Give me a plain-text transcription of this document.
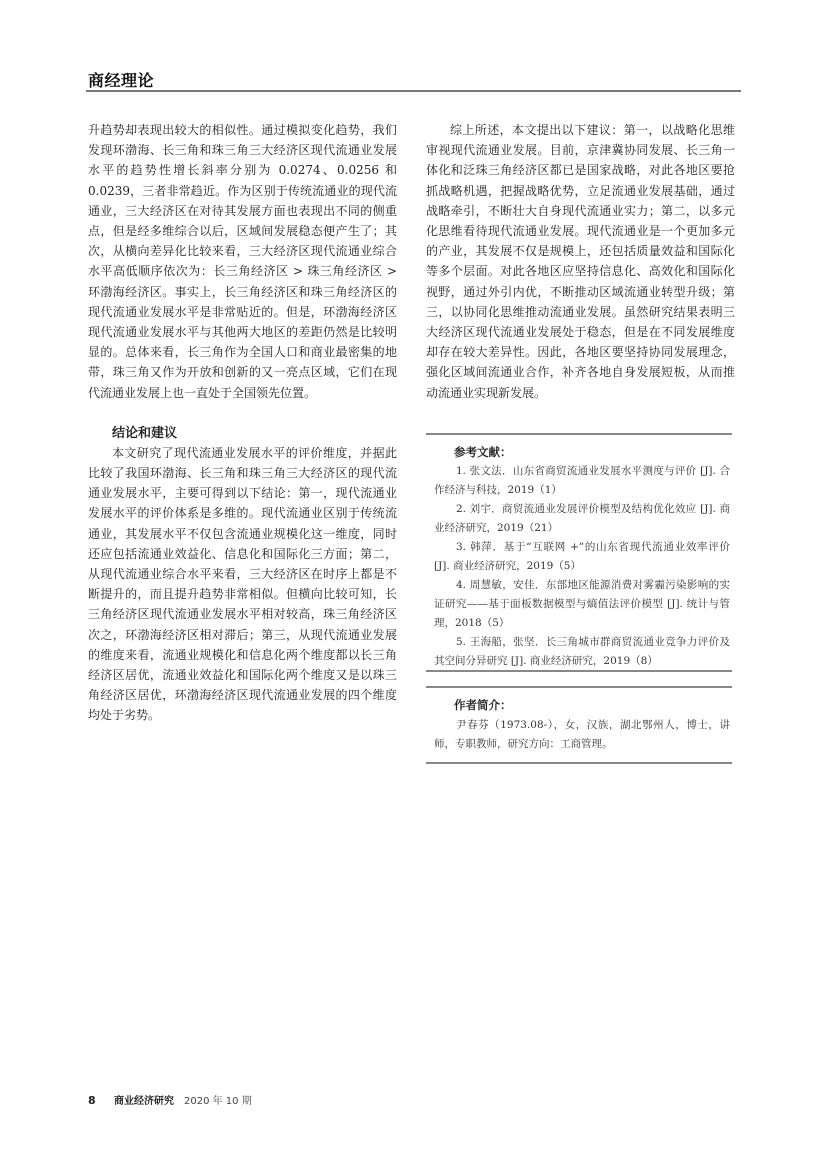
商经理论

升趋势却表现出较大的相似性。通过模拟变化趋势，我们发现环渤海、长三角和珠三角三大经济区现代流通业发展水平的趋势性增长斜率分别为 0.0274、0.0256 和 0.0239，三者非常趋近。作为区别于传统流通业的现代流通业，三大经济区在对待其发展方面也表现出不同的侧重点，但是经多维综合以后，区域间发展稳态便产生了；其次，从横向差异化比较来看，三大经济区现代流通业综合水平高低顺序依次为：长三角经济区 > 珠三角经济区 > 环渤海经济区。事实上，长三角经济区和珠三角经济区的现代流通业发展水平是非常贴近的。但是，环渤海经济区现代流通业发展水平与其他两大地区的差距仍然是比较明显的。总体来看，长三角作为全国人口和商业最密集的地带，珠三角又作为开放和创新的又一亮点区域，它们在现代流通业发展上也一直处于全国领先位置。

结论和建议

本文研究了现代流通业发展水平的评价维度，并据此比较了我国环渤海、长三角和珠三角三大经济区的现代流通业发展水平，主要可得到以下结论：第一，现代流通业发展水平的评价体系是多维的。现代流通业区别于传统流通业，其发展水平不仅包含流通业规模化这一维度，同时还应包括流通业效益化、信息化和国际化三方面；第二，从现代流通业综合水平来看，三大经济区在时序上都是不断提升的，而且提升趋势非常相似。但横向比较可知，长三角经济区现代流通业发展水平相对较高，珠三角经济区次之，环渤海经济区相对滞后；第三，从现代流通业发展的维度来看，流通业规模化和信息化两个维度都以长三角经济区居优，流通业效益化和国际化两个维度又是以珠三角经济区居优，环渤海经济区现代流通业发展的四个维度均处于劣势。

综上所述，本文提出以下建议：第一，以战略化思维审视现代流通业发展。目前，京津冀协同发展、长三角一体化和泛珠三角经济区都已是国家战略，对此各地区要抢抓战略机遇，把握战略优势，立足流通业发展基础，通过战略牵引，不断壮大自身现代流通业实力；第二，以多元化思维看待现代流通业发展。现代流通业是一个更加多元的产业，其发展不仅是规模上，还包括质量效益和国际化等多个层面。对此各地区应坚持信息化、高效化和国际化视野，通过外引内优，不断推动区域流通业转型升级；第三，以协同化思维推动流通业发展。虽然研究结果表明三大经济区现代流通业发展处于稳态，但是在不同发展维度却存在较大差异性。因此，各地区要坚持协同发展理念，强化区域间流通业合作，补齐各地自身发展短板，从而推动流通业实现新发展。

参考文献：

1. 张文法．山东省商贸流通业发展水平测度与评价 [J]. 合作经济与科技，2019（1）

2. 刘宇．商贸流通业发展评价模型及结构优化效应 [J]. 商业经济研究，2019（21）

3. 韩萍．基于“互联网 +”的山东省现代流通业效率评价 [J]. 商业经济研究，2019（5）

4. 周慧敏，安佳．东部地区能源消费对雾霾污染影响的实证研究——基于面板数据模型与熵值法评价模型 [J]. 统计与管理，2018（5）

5. 王海船，张坚．长三角城市群商贸流通业竞争力评价及其空间分异研究 [J]. 商业经济研究，2019（8）

作者简介：

尹春芬（1973.08-），女，汉族，湖北鄂州人，博士，讲师，专职教师，研究方向：工商管理。

8	商业经济研究 2020 年 10 期
